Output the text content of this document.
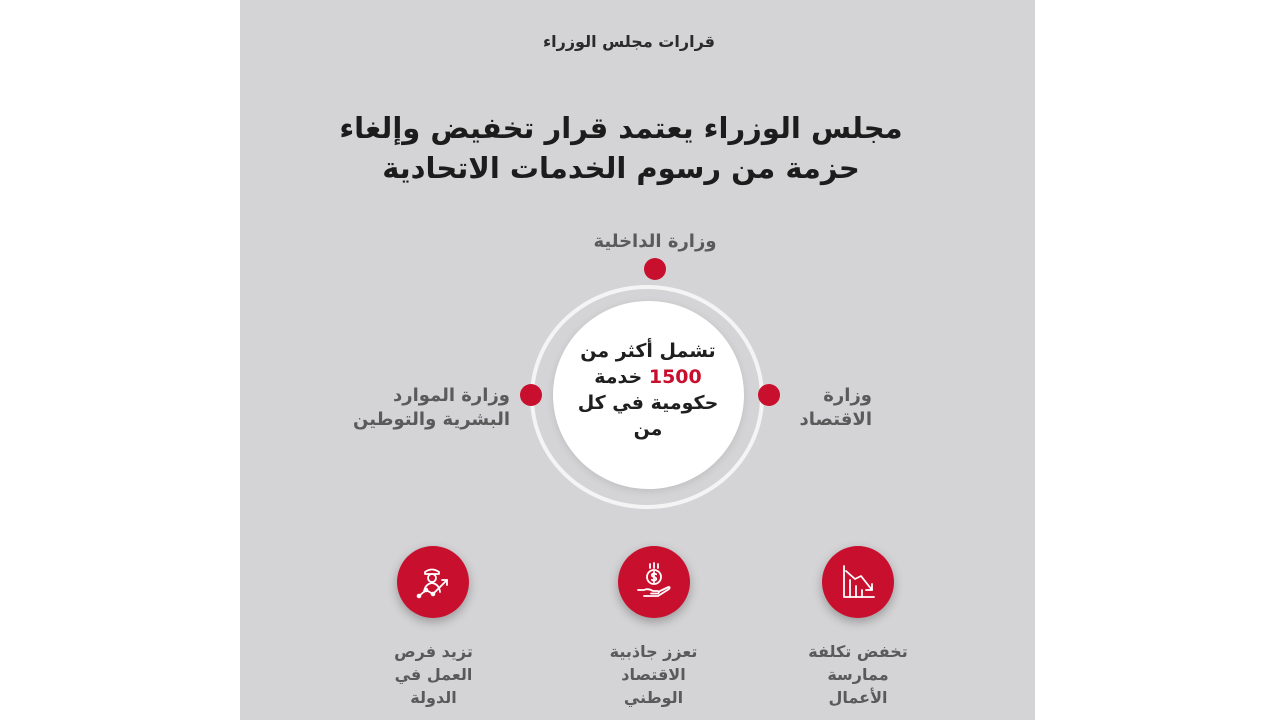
قرارات مجلس الوزراء
مجلس الوزراء يعتمد قرار تخفيض وإلغاء
حزمة من رسوم الخدمات الاتحادية
تشمل أكثر من
1500 خدمة
حكومية في كل
من
وزارة الداخلية
وزارة
الاقتصاد
وزارة الموارد
البشرية والتوطين
تزيد فرص
العمل في
الدولة
تعزز جاذبية
الاقتصاد
الوطني
تخفض تكلفة
ممارسة
الأعمال
